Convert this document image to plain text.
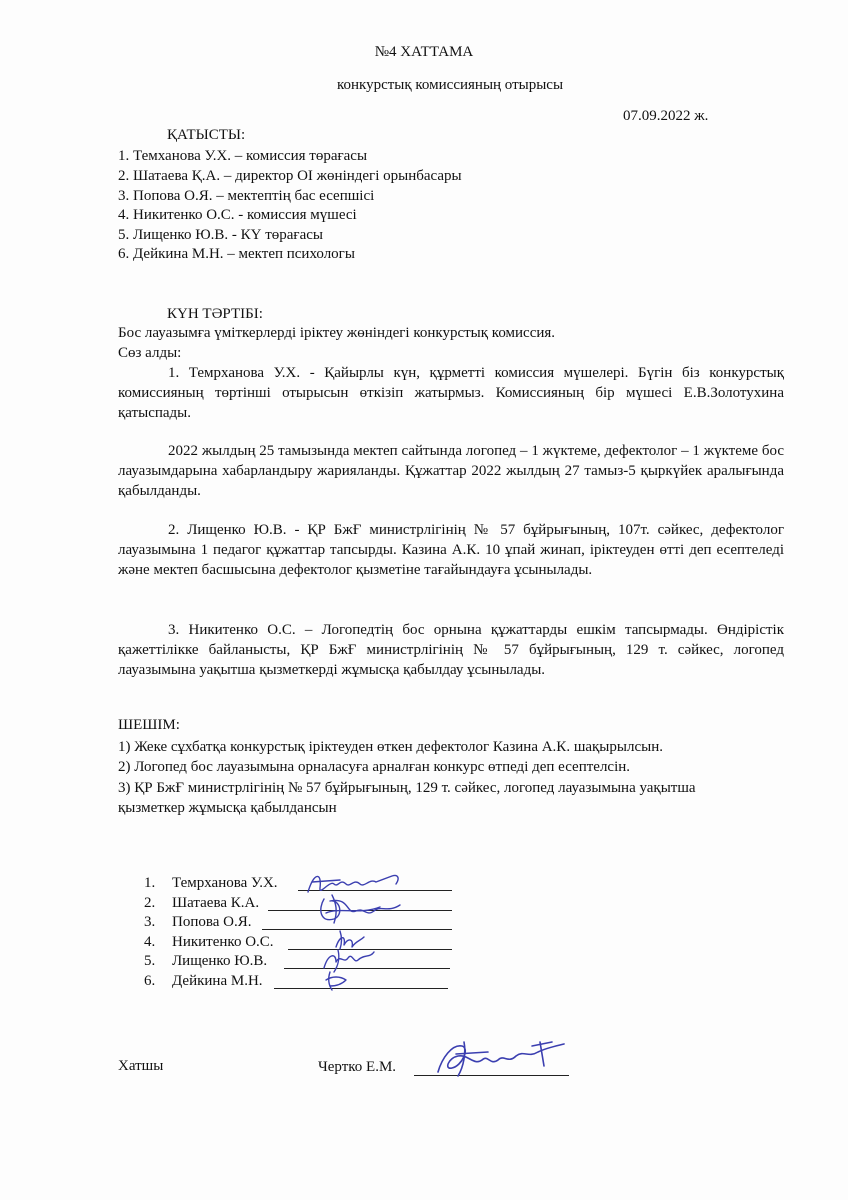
№4 ХАТТАМА
конкурстық комиссияның отырысы
07.09.2022 ж.
ҚАТЫСТЫ:
1. Темханова У.Х. – комиссия төрағасы
2. Шатаева Қ.А. – директор ОІ жөніндегі орынбасары
3. Попова О.Я. – мектептің бас есепшісі
4. Никитенко О.С. - комиссия мүшесі
5. Лищенко Ю.В. - КҮ төрағасы
6. Дейкина М.Н. – мектеп психологы
КҮН ТӘРТІБІ:
Бос лауазымға үміткерлерді іріктеу жөніндегі конкурстық комиссия.
Сөз алды:
1. Темрханова У.Х. - Қайырлы күн, құрметті комиссия мүшелері. Бүгін біз конкурстық комиссияның төртінші отырысын өткізіп жатырмыз. Комиссияның бір мүшесі Е.В.Золотухина қатыспады.
2022 жылдың 25 тамызында мектеп сайтында логопед – 1 жүктеме, дефектолог – 1 жүктеме бос лауазымдарына хабарландыру жарияланды. Құжаттар 2022 жылдың 27 тамыз-5 қыркүйек аралығында қабылданды.
2. Лищенко Ю.В. - ҚР БжҒ министрлігінің № 57 бұйрығының, 107т. сәйкес, дефектолог лауазымына 1 педагог құжаттар тапсырды. Казина А.К. 10 ұпай жинап, іріктеуден өтті деп есептеледі және мектеп басшысына дефектолог қызметіне тағайындауға ұсынылады.
3. Никитенко О.С. – Логопедтің бос орнына құжаттарды ешкім тапсырмады. Өндірістік қажеттілікке байланысты, ҚР БжҒ министрлігінің № 57 бұйрығының, 129 т. сәйкес, логопед лауазымына уақытша қызметкерді жұмысқа қабылдау ұсынылады.
ШЕШІМ:
1) Жеке сұхбатқа конкурстық іріктеуден өткен дефектолог Казина А.К. шақырылсын.
2) Логопед бос лауазымына орналасуға арналған конкурс өтпеді деп есептелсін.
3) ҚР БжҒ министрлігінің № 57 бұйрығының, 129 т. сәйкес, логопед лауазымына уақытша
қызметкер жұмысқа қабылдансын
1. Темрханова У.Х.
2. Шатаева К.А.
3. Попова О.Я.
4. Никитенко О.С.
5. Лищенко Ю.В.
6. Дейкина М.Н.
Хатшы	Чертко Е.М.
